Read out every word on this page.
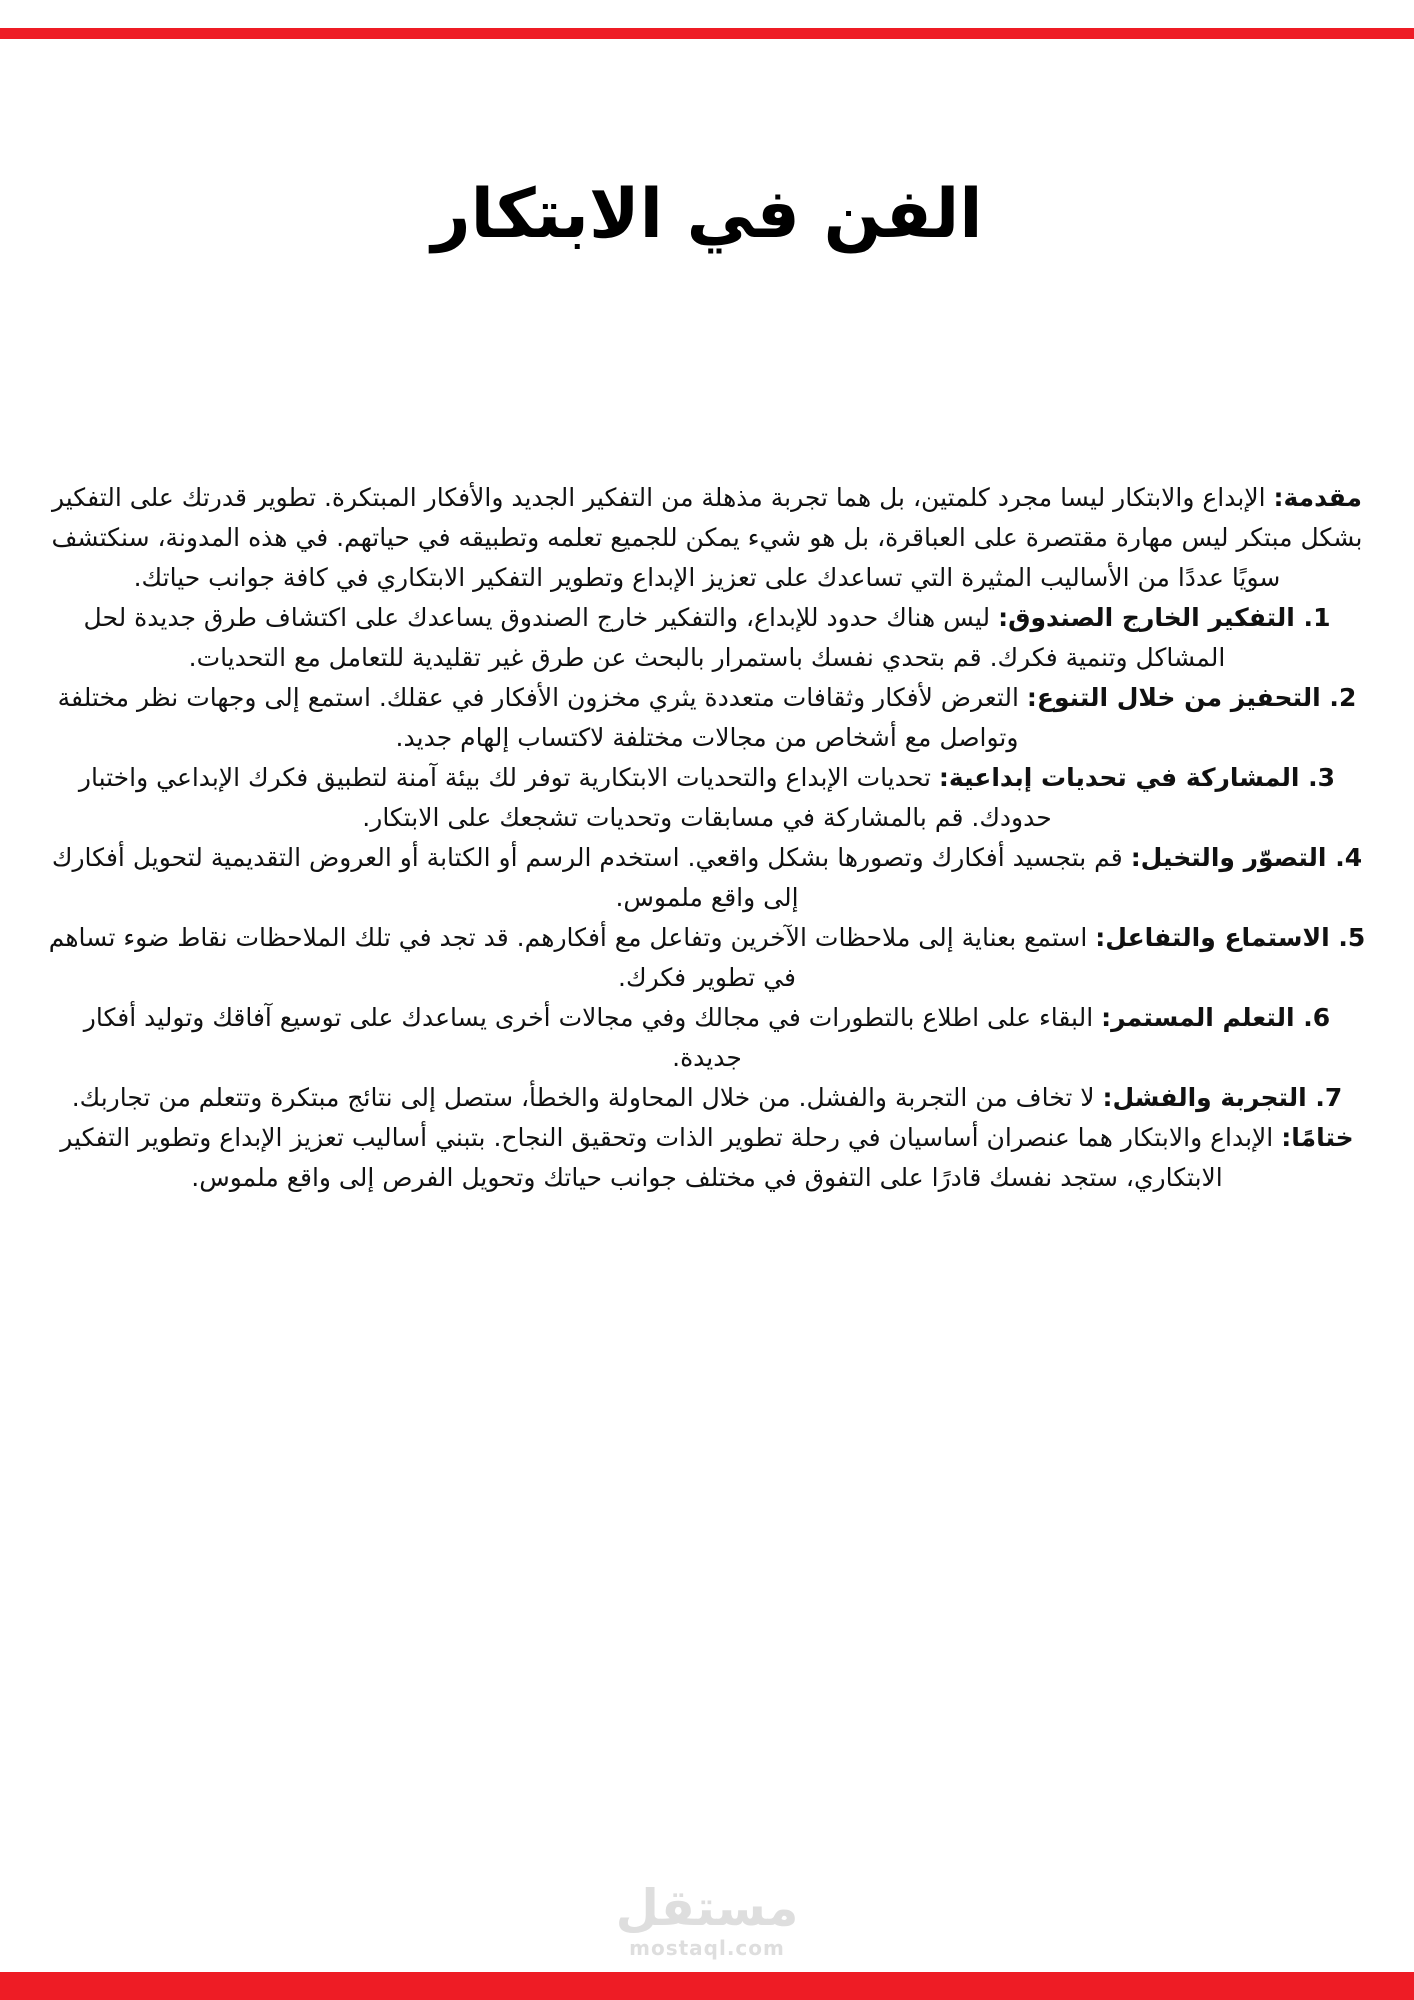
الفن في الابتكار

مقدمة: الإبداع والابتكار ليسا مجرد كلمتين، بل هما تجربة مذهلة من التفكير الجديد والأفكار المبتكرة. تطوير قدرتك على التفكير بشكل مبتكر ليس مهارة مقتصرة على العباقرة، بل هو شيء يمكن للجميع تعلمه وتطبيقه في حياتهم. في هذه المدونة، سنكتشف سويًا عددًا من الأساليب المثيرة التي تساعدك على تعزيز الإبداع وتطوير التفكير الابتكاري في كافة جوانب حياتك.

1. التفكير الخارج الصندوق: ليس هناك حدود للإبداع، والتفكير خارج الصندوق يساعدك على اكتشاف طرق جديدة لحل المشاكل وتنمية فكرك. قم بتحدي نفسك باستمرار بالبحث عن طرق غير تقليدية للتعامل مع التحديات.

2. التحفيز من خلال التنوع: التعرض لأفكار وثقافات متعددة يثري مخزون الأفكار في عقلك. استمع إلى وجهات نظر مختلفة وتواصل مع أشخاص من مجالات مختلفة لاكتساب إلهام جديد.

3. المشاركة في تحديات إبداعية: تحديات الإبداع والتحديات الابتكارية توفر لك بيئة آمنة لتطبيق فكرك الإبداعي واختبار حدودك. قم بالمشاركة في مسابقات وتحديات تشجعك على الابتكار.

4. التصوّر والتخيل: قم بتجسيد أفكارك وتصورها بشكل واقعي. استخدم الرسم أو الكتابة أو العروض التقديمية لتحويل أفكارك إلى واقع ملموس.

5. الاستماع والتفاعل: استمع بعناية إلى ملاحظات الآخرين وتفاعل مع أفكارهم. قد تجد في تلك الملاحظات نقاط ضوء تساهم في تطوير فكرك.

6. التعلم المستمر: البقاء على اطلاع بالتطورات في مجالك وفي مجالات أخرى يساعدك على توسيع آفاقك وتوليد أفكار جديدة.

7. التجربة والفشل: لا تخاف من التجربة والفشل. من خلال المحاولة والخطأ، ستصل إلى نتائج مبتكرة وتتعلم من تجاربك.

ختامًا: الإبداع والابتكار هما عنصران أساسيان في رحلة تطوير الذات وتحقيق النجاح. بتبني أساليب تعزيز الإبداع وتطوير التفكير الابتكاري، ستجد نفسك قادرًا على التفوق في مختلف جوانب حياتك وتحويل الفرص إلى واقع ملموس.

مستقل
mostaql.com
